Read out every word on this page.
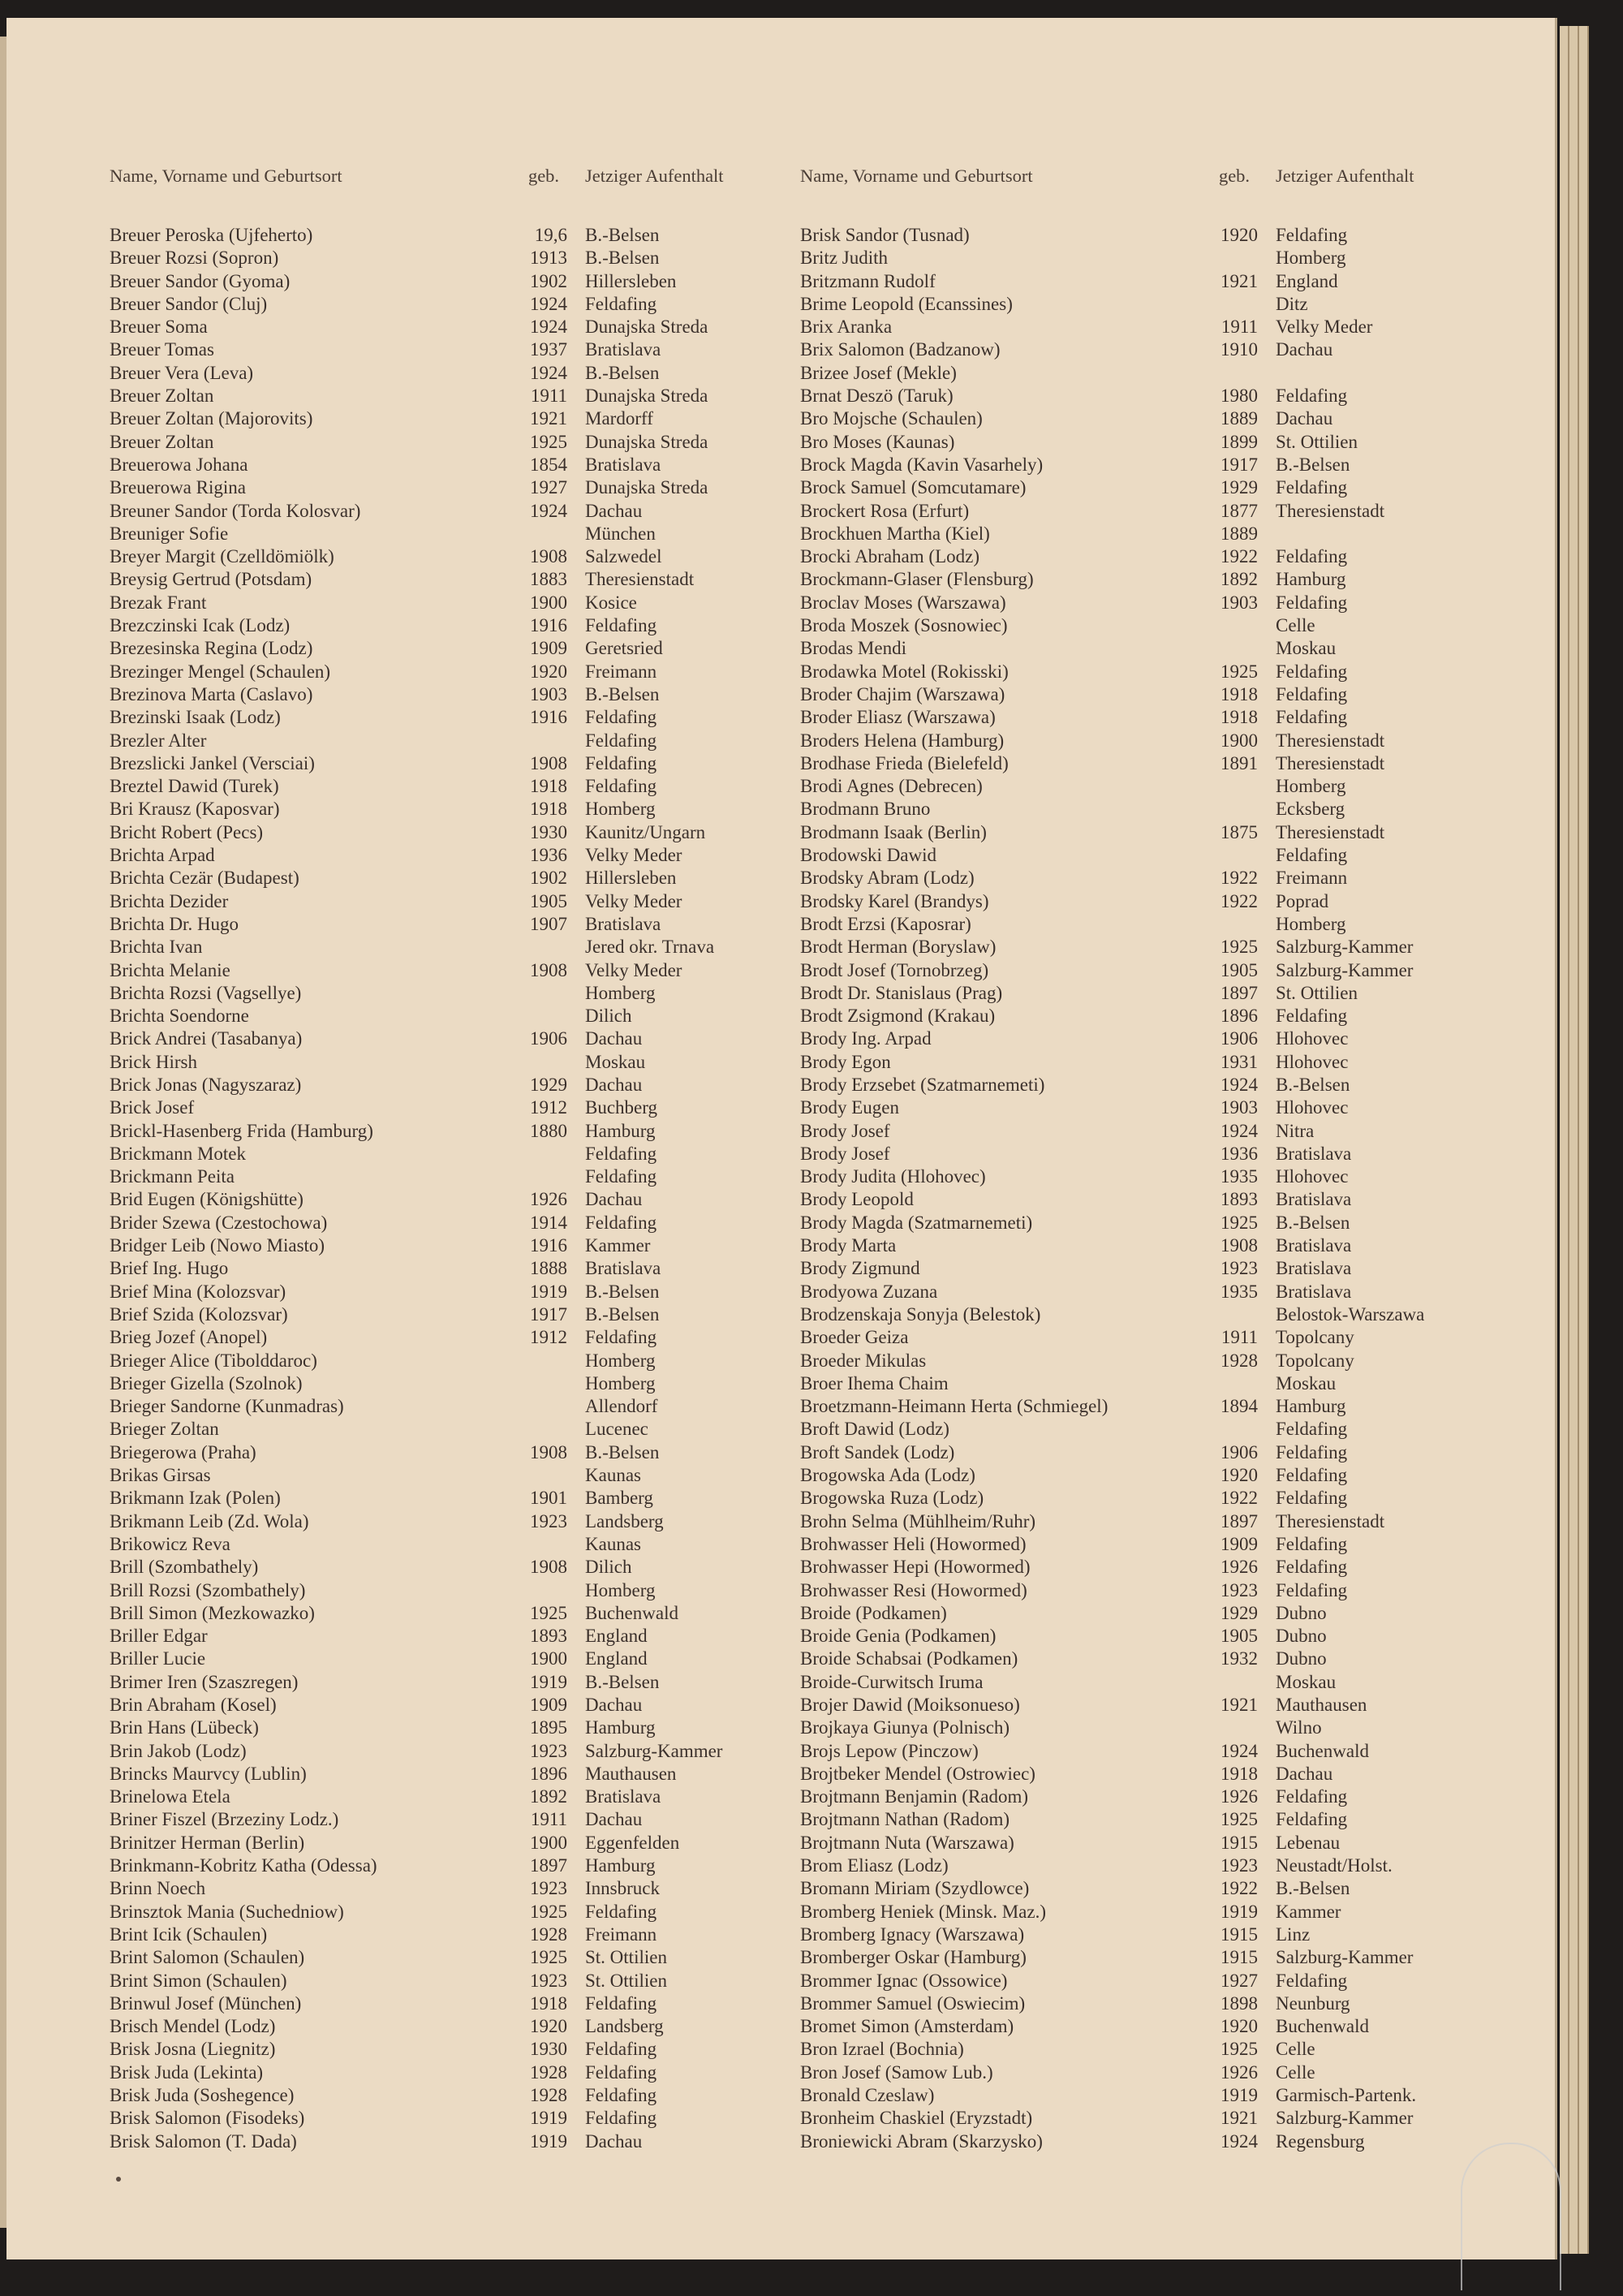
Name, Vorname und Geburtsort	geb.	Jetziger Aufenthalt
Breuer Peroska (Ujfeherto)	19,6 B.-Belsen
Breuer Rozsi (Sopron)	1913 B.-Belsen
Breuer Sandor (Gyoma)	1902 Hillersleben
Breuer Sandor (Cluj)	1924 Feldafing
Breuer Soma	1924 Dunajska Streda
Breuer Tomas	1937 Bratislava
Breuer Vera (Leva)	1924 B.-Belsen
Breuer Zoltan	1911 Dunajska Streda
Breuer Zoltan (Majorovits)	1921 Mardorff
Breuer Zoltan	1925 Dunajska Streda
Breuerowa Johana	1854 Bratislava
Breuerowa Rigina	1927 Dunajska Streda
Breuner Sandor (Torda Kolosvar)	1924 Dachau
Breuniger Sofie	München
Breyer Margit (Czelldömiölk)	1908 Salzwedel
Breysig Gertrud (Potsdam)	1883 Theresienstadt
Brezak Frant	1900 Kosice
Brezczinski Icak (Lodz)	1916 Feldafing
Brezesinska Regina (Lodz)	1909 Geretsried
Brezinger Mengel (Schaulen)	1920 Freimann
Brezinova Marta (Caslavo)	1903 B.-Belsen
Brezinski Isaak (Lodz)	1916 Feldafing
Brezler Alter	Feldafing
Brezslicki Jankel (Versciai)	1908 Feldafing
Breztel Dawid (Turek)	1918 Feldafing
Bri Krausz (Kaposvar)	1918 Homberg
Bricht Robert (Pecs)	1930 Kaunitz/Ungarn
Brichta Arpad	1936 Velky Meder
Brichta Cezär (Budapest)	1902 Hillersleben
Brichta Dezider	1905 Velky Meder
Brichta Dr. Hugo	1907 Bratislava
Brichta Ivan	Jered okr. Trnava
Brichta Melanie	1908 Velky Meder
Brichta Rozsi (Vagsellye)	Homberg
Brichta Soendorne	Dilich
Brick Andrei (Tasabanya)	1906 Dachau
Brick Hirsh	Moskau
Brick Jonas (Nagyszaraz)	1929 Dachau
Brick Josef	1912 Buchberg
Brickl-Hasenberg Frida (Hamburg)	1880 Hamburg
Brickmann Motek	Feldafing
Brickmann Peita	Feldafing
Brid Eugen (Königshütte)	1926 Dachau
Brider Szewa (Czestochowa)	1914 Feldafing
Bridger Leib (Nowo Miasto)	1916 Kammer
Brief Ing. Hugo	1888 Bratislava
Brief Mina (Kolozsvar)	1919 B.-Belsen
Brief Szida (Kolozsvar)	1917 B.-Belsen
Brieg Jozef (Anopel)	1912 Feldafing
Brieger Alice (Tibolddaroc)	Homberg
Brieger Gizella (Szolnok)	Homberg
Brieger Sandorne (Kunmadras)	Allendorf
Brieger Zoltan	Lucenec
Briegerowa (Praha)	1908 B.-Belsen
Brikas Girsas	Kaunas
Brikmann Izak (Polen)	1901 Bamberg
Brikmann Leib (Zd. Wola)	1923 Landsberg
Brikowicz Reva	Kaunas
Brill (Szombathely)	1908 Dilich
Brill Rozsi (Szombathely)	Homberg
Brill Simon (Mezkowazko)	1925 Buchenwald
Briller Edgar	1893 England
Briller Lucie	1900 England
Brimer Iren (Szaszregen)	1919 B.-Belsen
Brin Abraham (Kosel)	1909 Dachau
Brin Hans (Lübeck)	1895 Hamburg
Brin Jakob (Lodz)	1923 Salzburg-Kammer
Brincks Maurvcy (Lublin)	1896 Mauthausen
Brinelowa Etela	1892 Bratislava
Briner Fiszel (Brzeziny Lodz.)	1911 Dachau
Brinitzer Herman (Berlin)	1900 Eggenfelden
Brinkmann-Kobritz Katha (Odessa)	1897 Hamburg
Brinn Noech	1923 Innsbruck
Brinsztok Mania (Suchedniow)	1925 Feldafing
Brint Icik (Schaulen)	1928 Freimann
Brint Salomon (Schaulen)	1925 St. Ottilien
Brint Simon (Schaulen)	1923 St. Ottilien
Brinwul Josef (München)	1918 Feldafing
Brisch Mendel (Lodz)	1920 Landsberg
Brisk Josna (Liegnitz)	1930 Feldafing
Brisk Juda (Lekinta)	1928 Feldafing
Brisk Juda (Soshegence)	1928 Feldafing
Brisk Salomon (Fisodeks)	1919 Feldafing
Brisk Salomon (T. Dada)	1919 Dachau
Name, Vorname und Geburtsort	geb.	Jetziger Aufenthalt
Brisk Sandor (Tusnad)	1920 Feldafing
Britz Judith	Homberg
Britzmann Rudolf	1921 England
Brime Leopold (Ecanssines)	Ditz
Brix Aranka	1911 Velky Meder
Brix Salomon (Badzanow)	1910 Dachau
Brizee Josef (Mekle)
Brnat Deszö (Taruk)	1980 Feldafing
Bro Mojsche (Schaulen)	1889 Dachau
Bro Moses (Kaunas)	1899 St. Ottilien
Brock Magda (Kavin Vasarhely)	1917 B.-Belsen
Brock Samuel (Somcutamare)	1929 Feldafing
Brockert Rosa (Erfurt)	1877 Theresienstadt
Brockhuen Martha (Kiel)	1889
Brocki Abraham (Lodz)	1922 Feldafing
Brockmann-Glaser (Flensburg)	1892 Hamburg
Broclav Moses (Warszawa)	1903 Feldafing
Broda Moszek (Sosnowiec)	Celle
Brodas Mendi	Moskau
Brodawka Motel (Rokisski)	1925 Feldafing
Broder Chajim (Warszawa)	1918 Feldafing
Broder Eliasz (Warszawa)	1918 Feldafing
Broders Helena (Hamburg)	1900 Theresienstadt
Brodhase Frieda (Bielefeld)	1891 Theresienstadt
Brodi Agnes (Debrecen)	Homberg
Brodmann Bruno	Ecksberg
Brodmann Isaak (Berlin)	1875 Theresienstadt
Brodowski Dawid	Feldafing
Brodsky Abram (Lodz)	1922 Freimann
Brodsky Karel (Brandys)	1922 Poprad
Brodt Erzsi (Kaposrar)	Homberg
Brodt Herman (Boryslaw)	1925 Salzburg-Kammer
Brodt Josef (Tornobrzeg)	1905 Salzburg-Kammer
Brodt Dr. Stanislaus (Prag)	1897 St. Ottilien
Brodt Zsigmond (Krakau)	1896 Feldafing
Brody Ing. Arpad	1906 Hlohovec
Brody Egon	1931 Hlohovec
Brody Erzsebet (Szatmarnemeti)	1924 B.-Belsen
Brody Eugen	1903 Hlohovec
Brody Josef	1924 Nitra
Brody Josef	1936 Bratislava
Brody Judita (Hlohovec)	1935 Hlohovec
Brody Leopold	1893 Bratislava
Brody Magda (Szatmarnemeti)	1925 B.-Belsen
Brody Marta	1908 Bratislava
Brody Zigmund	1923 Bratislava
Brodyowa Zuzana	1935 Bratislava
Brodzenskaja Sonyja (Belestok)	Belostok-Warszawa
Broeder Geiza	1911 Topolcany
Broeder Mikulas	1928 Topolcany
Broer Ihema Chaim	Moskau
Broetzmann-Heimann Herta (Schmiegel)	1894 Hamburg
Broft Dawid (Lodz)	Feldafing
Broft Sandek (Lodz)	1906 Feldafing
Brogowska Ada (Lodz)	1920 Feldafing
Brogowska Ruza (Lodz)	1922 Feldafing
Brohn Selma (Mühlheim/Ruhr)	1897 Theresienstadt
Brohwasser Heli (Howormed)	1909 Feldafing
Brohwasser Hepi (Howormed)	1926 Feldafing
Brohwasser Resi (Howormed)	1923 Feldafing
Broide (Podkamen)	1929 Dubno
Broide Genia (Podkamen)	1905 Dubno
Broide Schabsai (Podkamen)	1932 Dubno
Broide-Curwitsch Iruma	Moskau
Brojer Dawid (Moiksonueso)	1921 Mauthausen
Brojkaya Giunya (Polnisch)	Wilno
Brojs Lepow (Pinczow)	1924 Buchenwald
Brojtbeker Mendel (Ostrowiec)	1918 Dachau
Brojtmann Benjamin (Radom)	1926 Feldafing
Brojtmann Nathan (Radom)	1925 Feldafing
Brojtmann Nuta (Warszawa)	1915 Lebenau
Brom Eliasz (Lodz)	1923 Neustadt/Holst.
Bromann Miriam (Szydlowce)	1922 B.-Belsen
Bromberg Heniek (Minsk. Maz.)	1919 Kammer
Bromberg Ignacy (Warszawa)	1915 Linz
Bromberger Oskar (Hamburg)	1915 Salzburg-Kammer
Brommer Ignac (Ossowice)	1927 Feldafing
Brommer Samuel (Oswiecim)	1898 Neunburg
Bromet Simon (Amsterdam)	1920 Buchenwald
Bron Izrael (Bochnia)	1925 Celle
Bron Josef (Samow Lub.)	1926 Celle
Bronald Czeslaw)	1919 Garmisch-Partenk.
Bronheim Chaskiel (Eryzstadt)	1921 Salzburg-Kammer
Broniewicki Abram (Skarzysko)	1924 Regensburg
